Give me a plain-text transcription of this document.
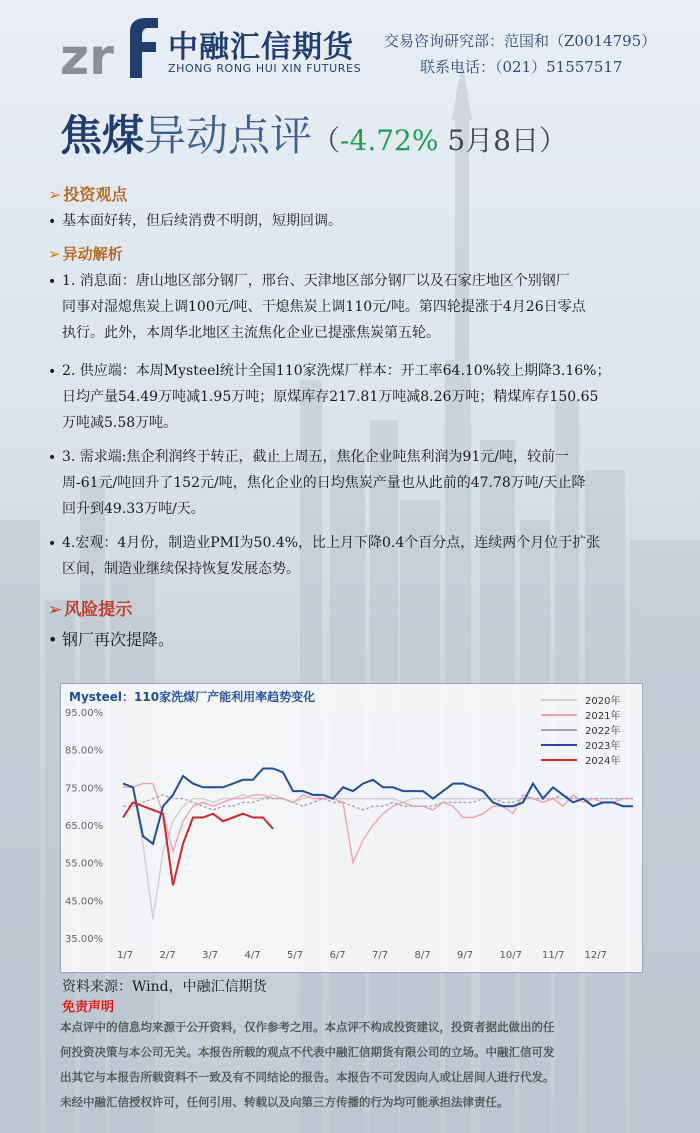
zr 中融汇信期货
ZHONG RONG HUI XIN FUTURES
交易咨询研究部：范国和（Z0014795）
联系电话：（021）51557517
焦煤异动点评（-4.72% 5月8日）
➢ 投资观点
• 基本面好转，但后续消费不明朗，短期回调。
➢ 异动解析
• 1. 消息面：唐山地区部分钢厂，邢台、天津地区部分钢厂以及石家庄地区个别钢厂
同事对湿熄焦炭上调100元/吨、干熄焦炭上调110元/吨。第四轮提涨于4月26日零点
执行。此外，本周华北地区主流焦化企业已提涨焦炭第五轮。
• 2. 供应端：本周Mysteel统计全国110家洗煤厂样本：开工率64.10%较上期降3.16%；
日均产量54.49万吨减1.95万吨；原煤库存217.81万吨减8.26万吨；精煤库存150.65
万吨减5.58万吨。
• 3. 需求端:焦企利润终于转正，截止上周五，焦化企业吨焦利润为91元/吨，较前一
周-61元/吨回升了152元/吨，焦化企业的日均焦炭产量也从此前的47.78万吨/天止降
回升到49.33万吨/天。
• 4.宏观：4月份，制造业PMI为50.4%，比上月下降0.4个百分点，连续两个月位于扩张
区间，制造业继续保持恢复发展态势。
➢ 风险提示
• 钢厂再次提降。
Mysteel：110家洗煤厂产能利用率趋势变化
95.00%
85.00%
75.00%
65.00%
55.00%
45.00%
35.00%
1/7	2/7	3/7	4/7	5/7	6/7	7/7	8/7	9/7	10/7 11/7 12/7
2020年
2021年
2022年
2023年
2024年
资料来源：Wind，中融汇信期货
免责声明
本点评中的信息均来源于公开资料，仅作参考之用。本点评不构成投资建议，投资者据此做出的任
何投资决策与本公司无关。本报告所载的观点不代表中融汇信期货有限公司的立场。中融汇信可发
出其它与本报告所载资料不一致及有不同结论的报告。本报告不可发因向人或让居间人进行代发。
未经中融汇信授权许可，任何引用、转载以及向第三方传播的行为均可能承担法律责任。
